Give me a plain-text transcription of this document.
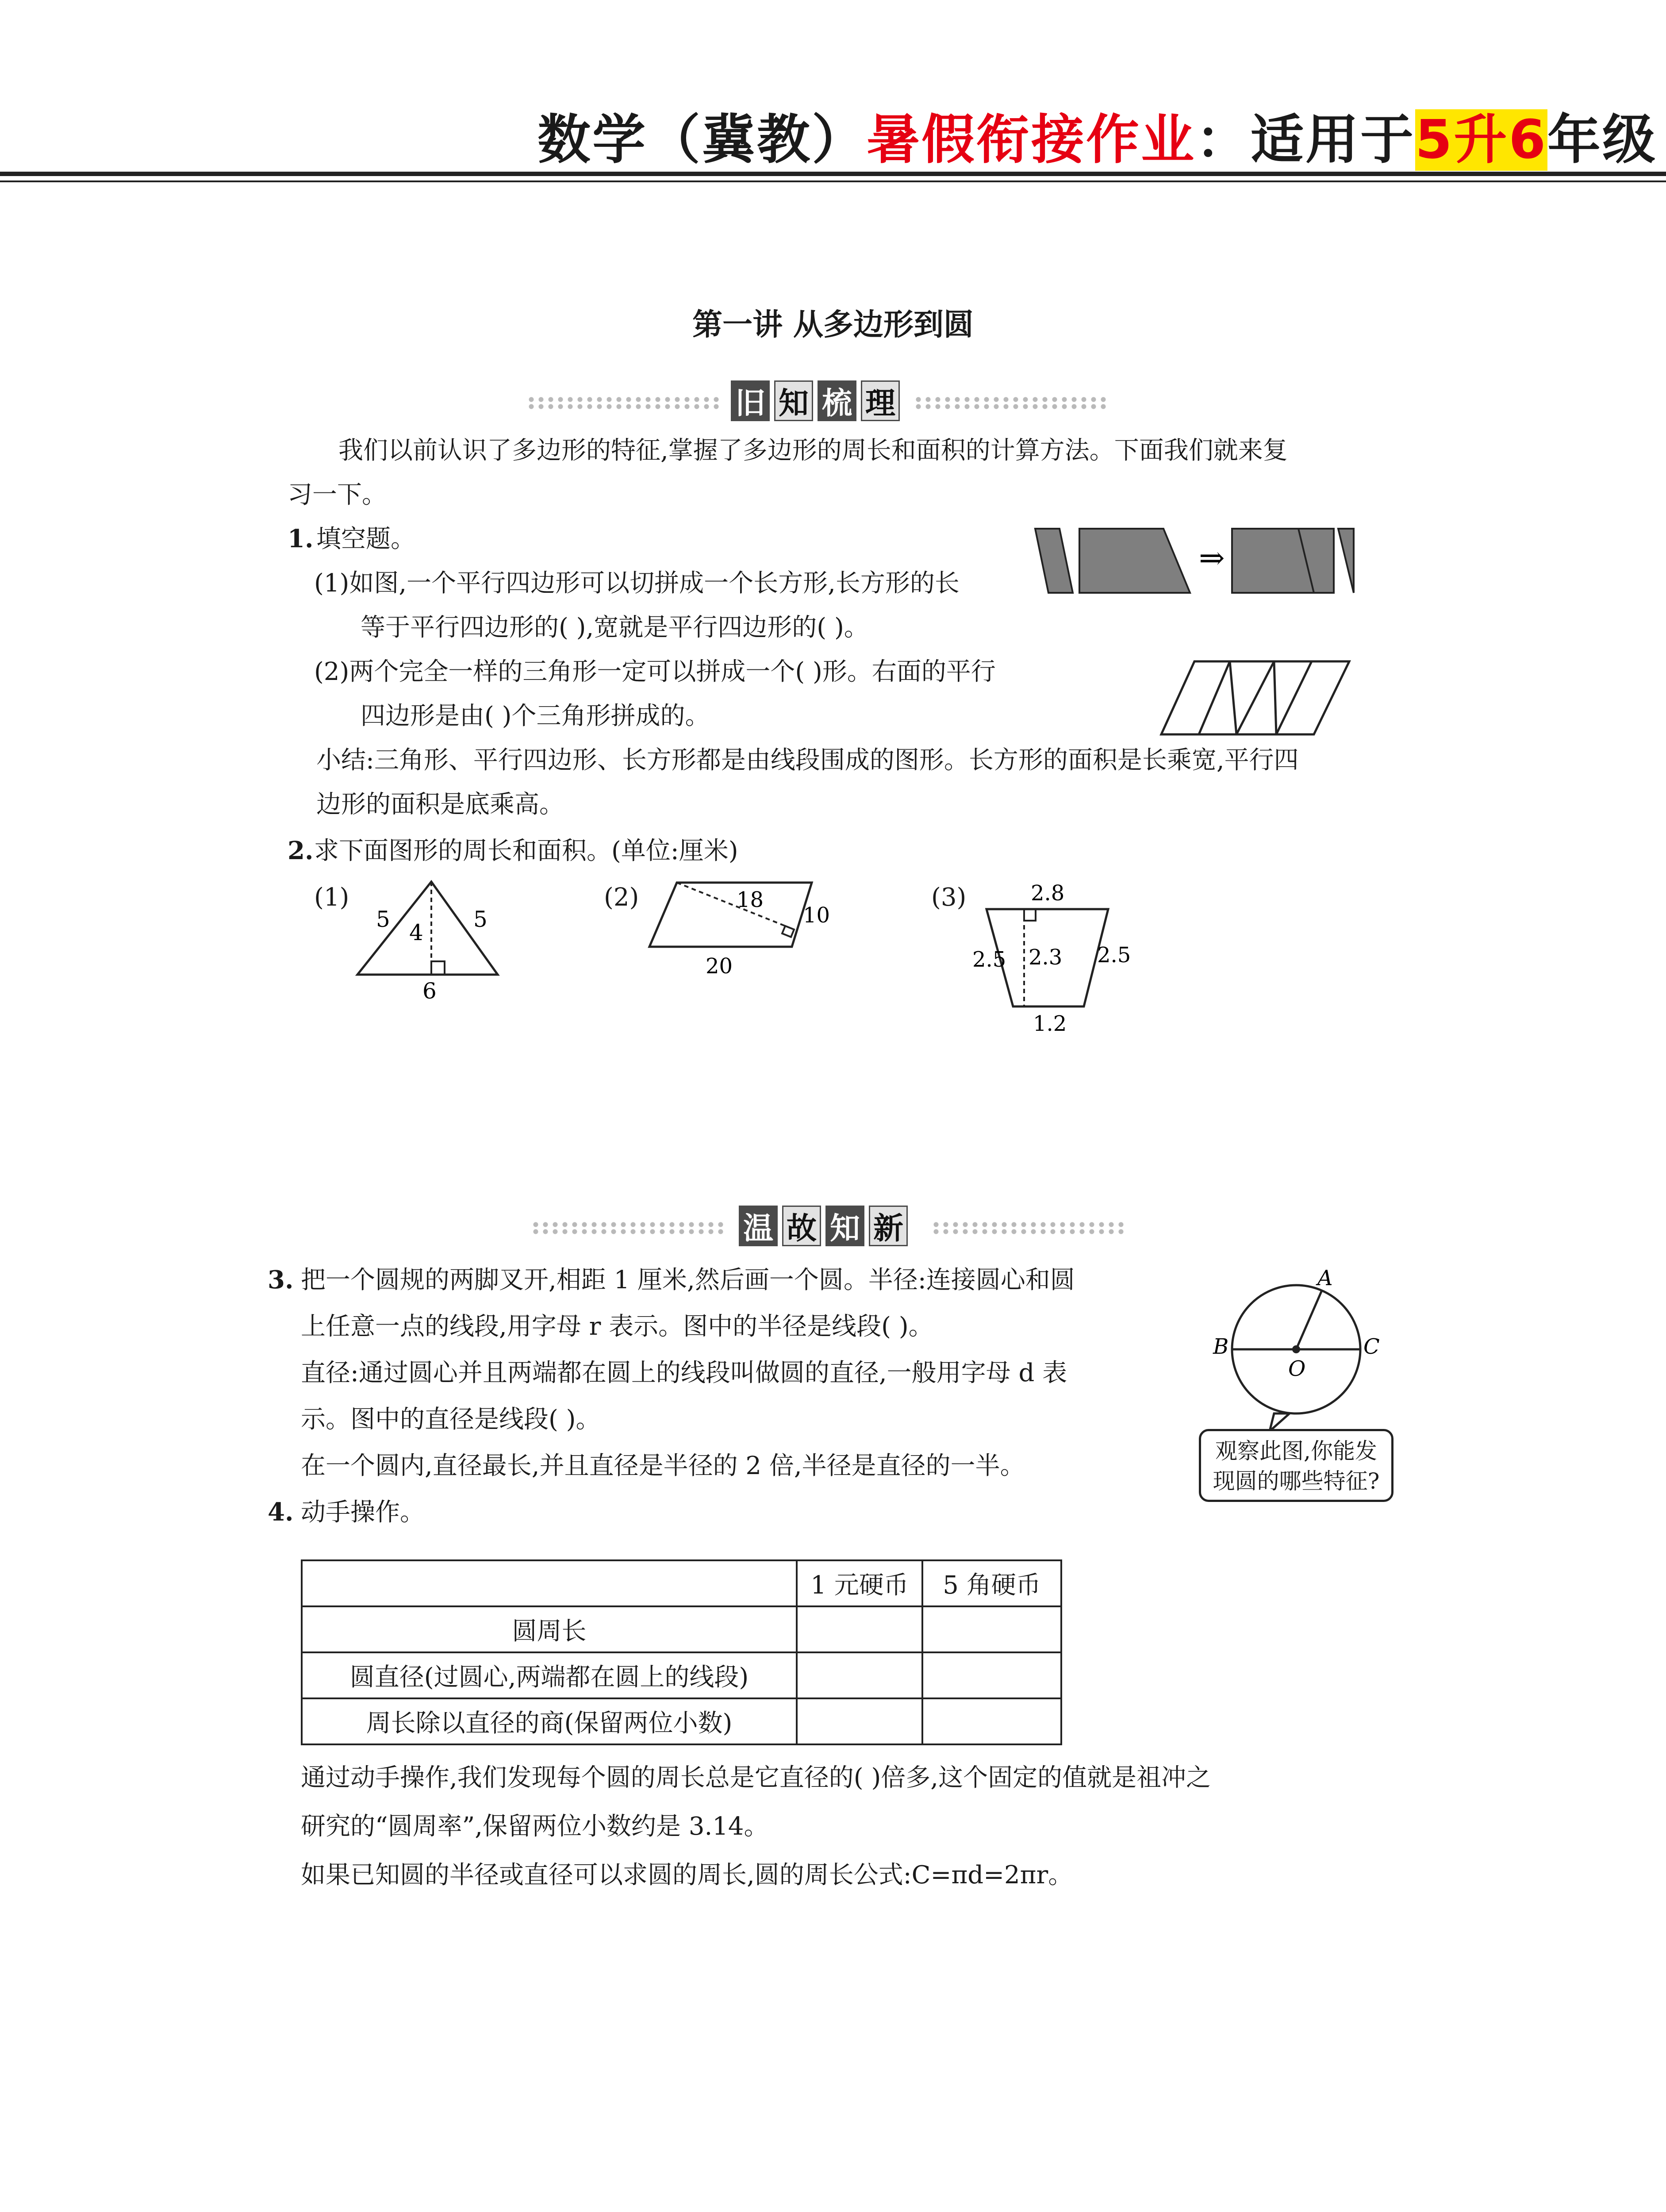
数学（冀教）暑假衔接作业：适用于5升6年级
第一讲 从多边形到圆
旧 知 梳 理
我们以前认识了多边形的特征,掌握了多边形的周长和面积的计算方法。下面我们就来复
习一下。
1. 填空题。
(1)如图,一个平行四边形可以切拼成一个长方形,长方形的长
等于平行四边形的( ),宽就是平行四边形的( )。
(2)两个完全一样的三角形一定可以拼成一个( )形。右面的平行
四边形是由( )个三角形拼成的。
小结:三角形、平行四边形、长方形都是由线段围成的图形。长方形的面积是长乘宽,平行四
边形的面积是底乘高。
⇒
2. 求下面图形的周长和面积。(单位:厘米)
(1)
5	5
4
6
(2)	18
10
20
(3)	2.8
2.5 2.3 2.5
1.2
温 故 知 新
3. 把一个圆规的两脚叉开,相距 1 厘米,然后画一个圆。半径:连接圆心和圆
上任意一点的线段,用字母 r 表示。图中的半径是线段( )。
直径:通过圆心并且两端都在圆上的线段叫做圆的直径,一般用字母 d 表
示。图中的直径是线段( )。
在一个圆内,直径最长,并且直径是半径的 2 倍,半径是直径的一半。
A
B	C
O
观察此图,你能发
现圆的哪些特征?
4. 动手操作。
	1 元硬币	5 角硬币
圆周长		
圆直径(过圆心,两端都在圆上的线段)		
周长除以直径的商(保留两位小数)		
通过动手操作,我们发现每个圆的周长总是它直径的( )倍多,这个固定的值就是祖冲之
研究的“圆周率”,保留两位小数约是 3.14。
如果已知圆的半径或直径可以求圆的周长,圆的周长公式:C=πd=2πr。
